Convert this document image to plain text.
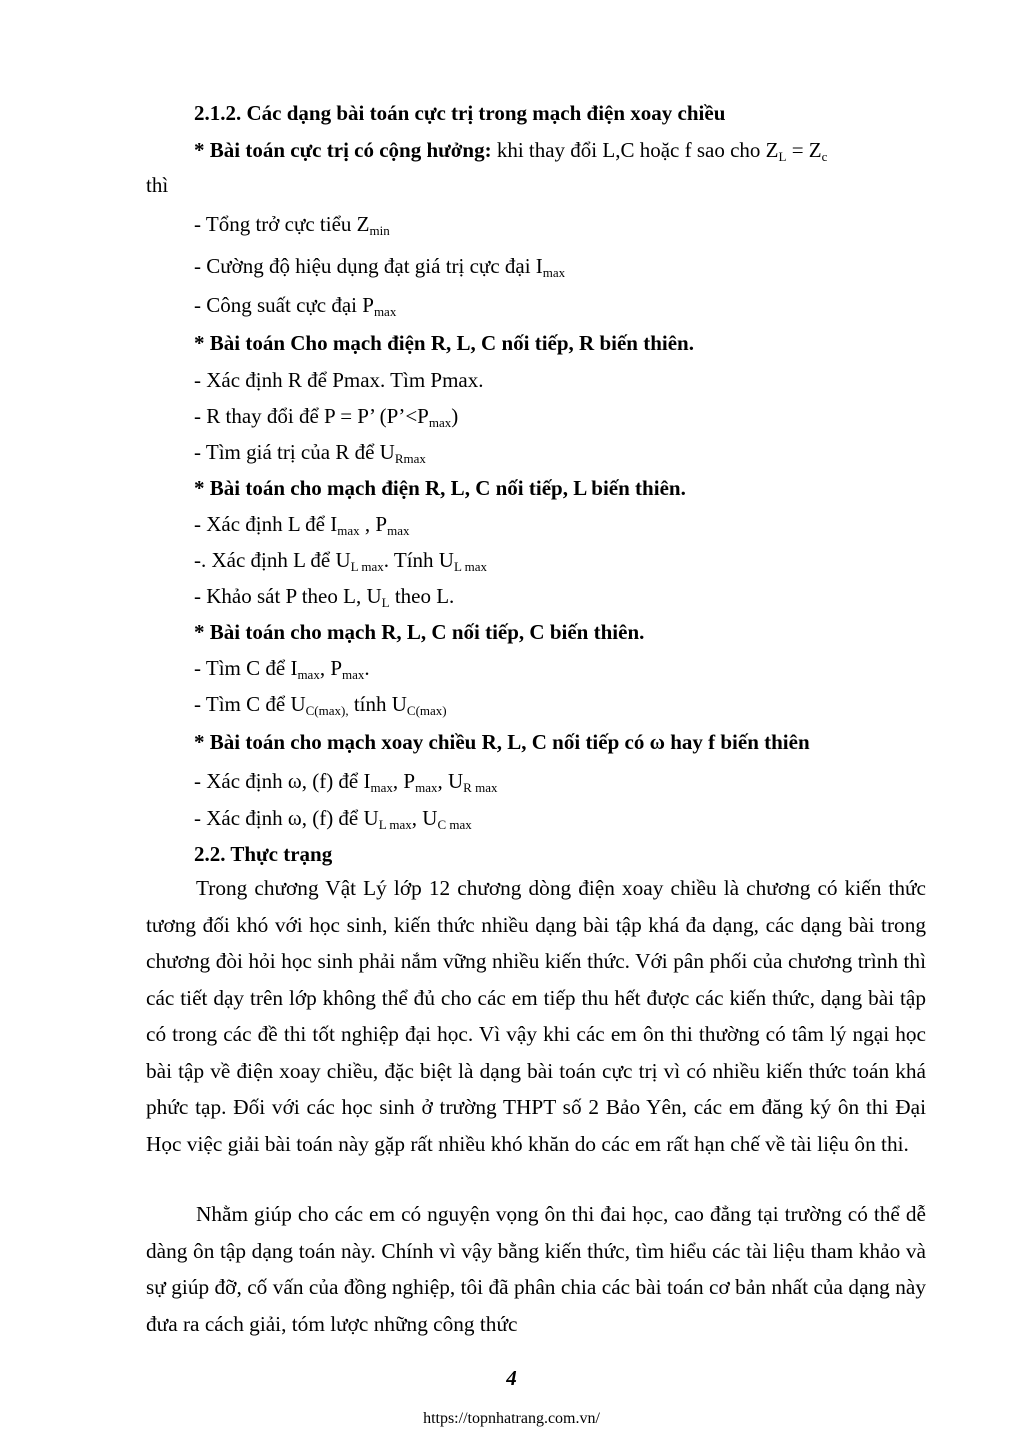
2.1.2. Các dạng bài toán cực trị trong mạch điện xoay chiều
* Bài toán cực trị có cộng hưởng: khi thay đổi L,C hoặc f sao cho $Z_L = Z_c$
thì
- Tổng trở cực tiểu $Z_{min}$
- Cường độ hiệu dụng đạt giá trị cực đại $I_{max}$
- Công suất cực đại $P_{max}$
* Bài toán Cho mạch điện R, L, C nối tiếp, R biến thiên.
- Xác định R để Pmax. Tìm Pmax.
- R thay đổi để P = P’ $(P’<P_{max})$
- Tìm giá trị của R để $U_{Rmax}$
* Bài toán cho mạch điện R, L, C nối tiếp, L biến thiên.
- Xác định L để $I_{max}$ , $P_{max}$
-. Xác định L để $U_{L max}$. Tính $U_{L max}$
- Khảo sát P theo L, $U_L$ theo L.
* Bài toán cho mạch R, L, C nối tiếp, C biến thiên.
- Tìm C để $I_{max}$, $P_{max}$.
- Tìm C để $U_{C(max),}$ tính $U_{C(max)}$
* Bài toán cho mạch xoay chiều R, L, C nối tiếp có ω hay f biến thiên
- Xác định ω, (f) để $I_{max}$, $P_{max}$, $U_{R max}$
- Xác định ω, (f) để $U_{L max}$, $U_{C max}$
2.2. Thực trạng

Trong chương Vật Lý lớp 12 chương dòng điện xoay chiều là chương có kiến thức tương đối khó với học sinh, kiến thức nhiều dạng bài tập khá đa dạng, các dạng bài trong chương đòi hỏi học sinh phải nắm vững nhiều kiến thức. Với pân phối của chương trình thì các tiết dạy trên lớp không thể đủ cho các em tiếp thu hết được các kiến thức, dạng bài tập có trong các đề thi tốt nghiệp đại học. Vì vậy khi các em ôn thi thường có tâm lý ngại học bài tập về điện xoay chiều, đặc biệt là dạng bài toán cực trị vì có nhiều kiến thức toán khá phức tạp. Đối với các học sinh ở trường THPT số 2 Bảo Yên, các em đăng ký ôn thi Đại Học việc giải bài toán này gặp rất nhiều khó khăn do các em rất hạn chế về tài liệu ôn thi.

Nhằm giúp cho các em có nguyện vọng ôn thi đai học, cao đẳng tại trường có thể dễ dàng ôn tập dạng toán này. Chính vì vậy bằng kiến thức, tìm hiểu các tài liệu tham khảo và sự giúp đỡ, cố vấn của đồng nghiệp, tôi đã phân chia các bài toán cơ bản nhất của dạng này đưa ra cách giải, tóm lược những công thức

4
https://topnhatrang.com.vn/
